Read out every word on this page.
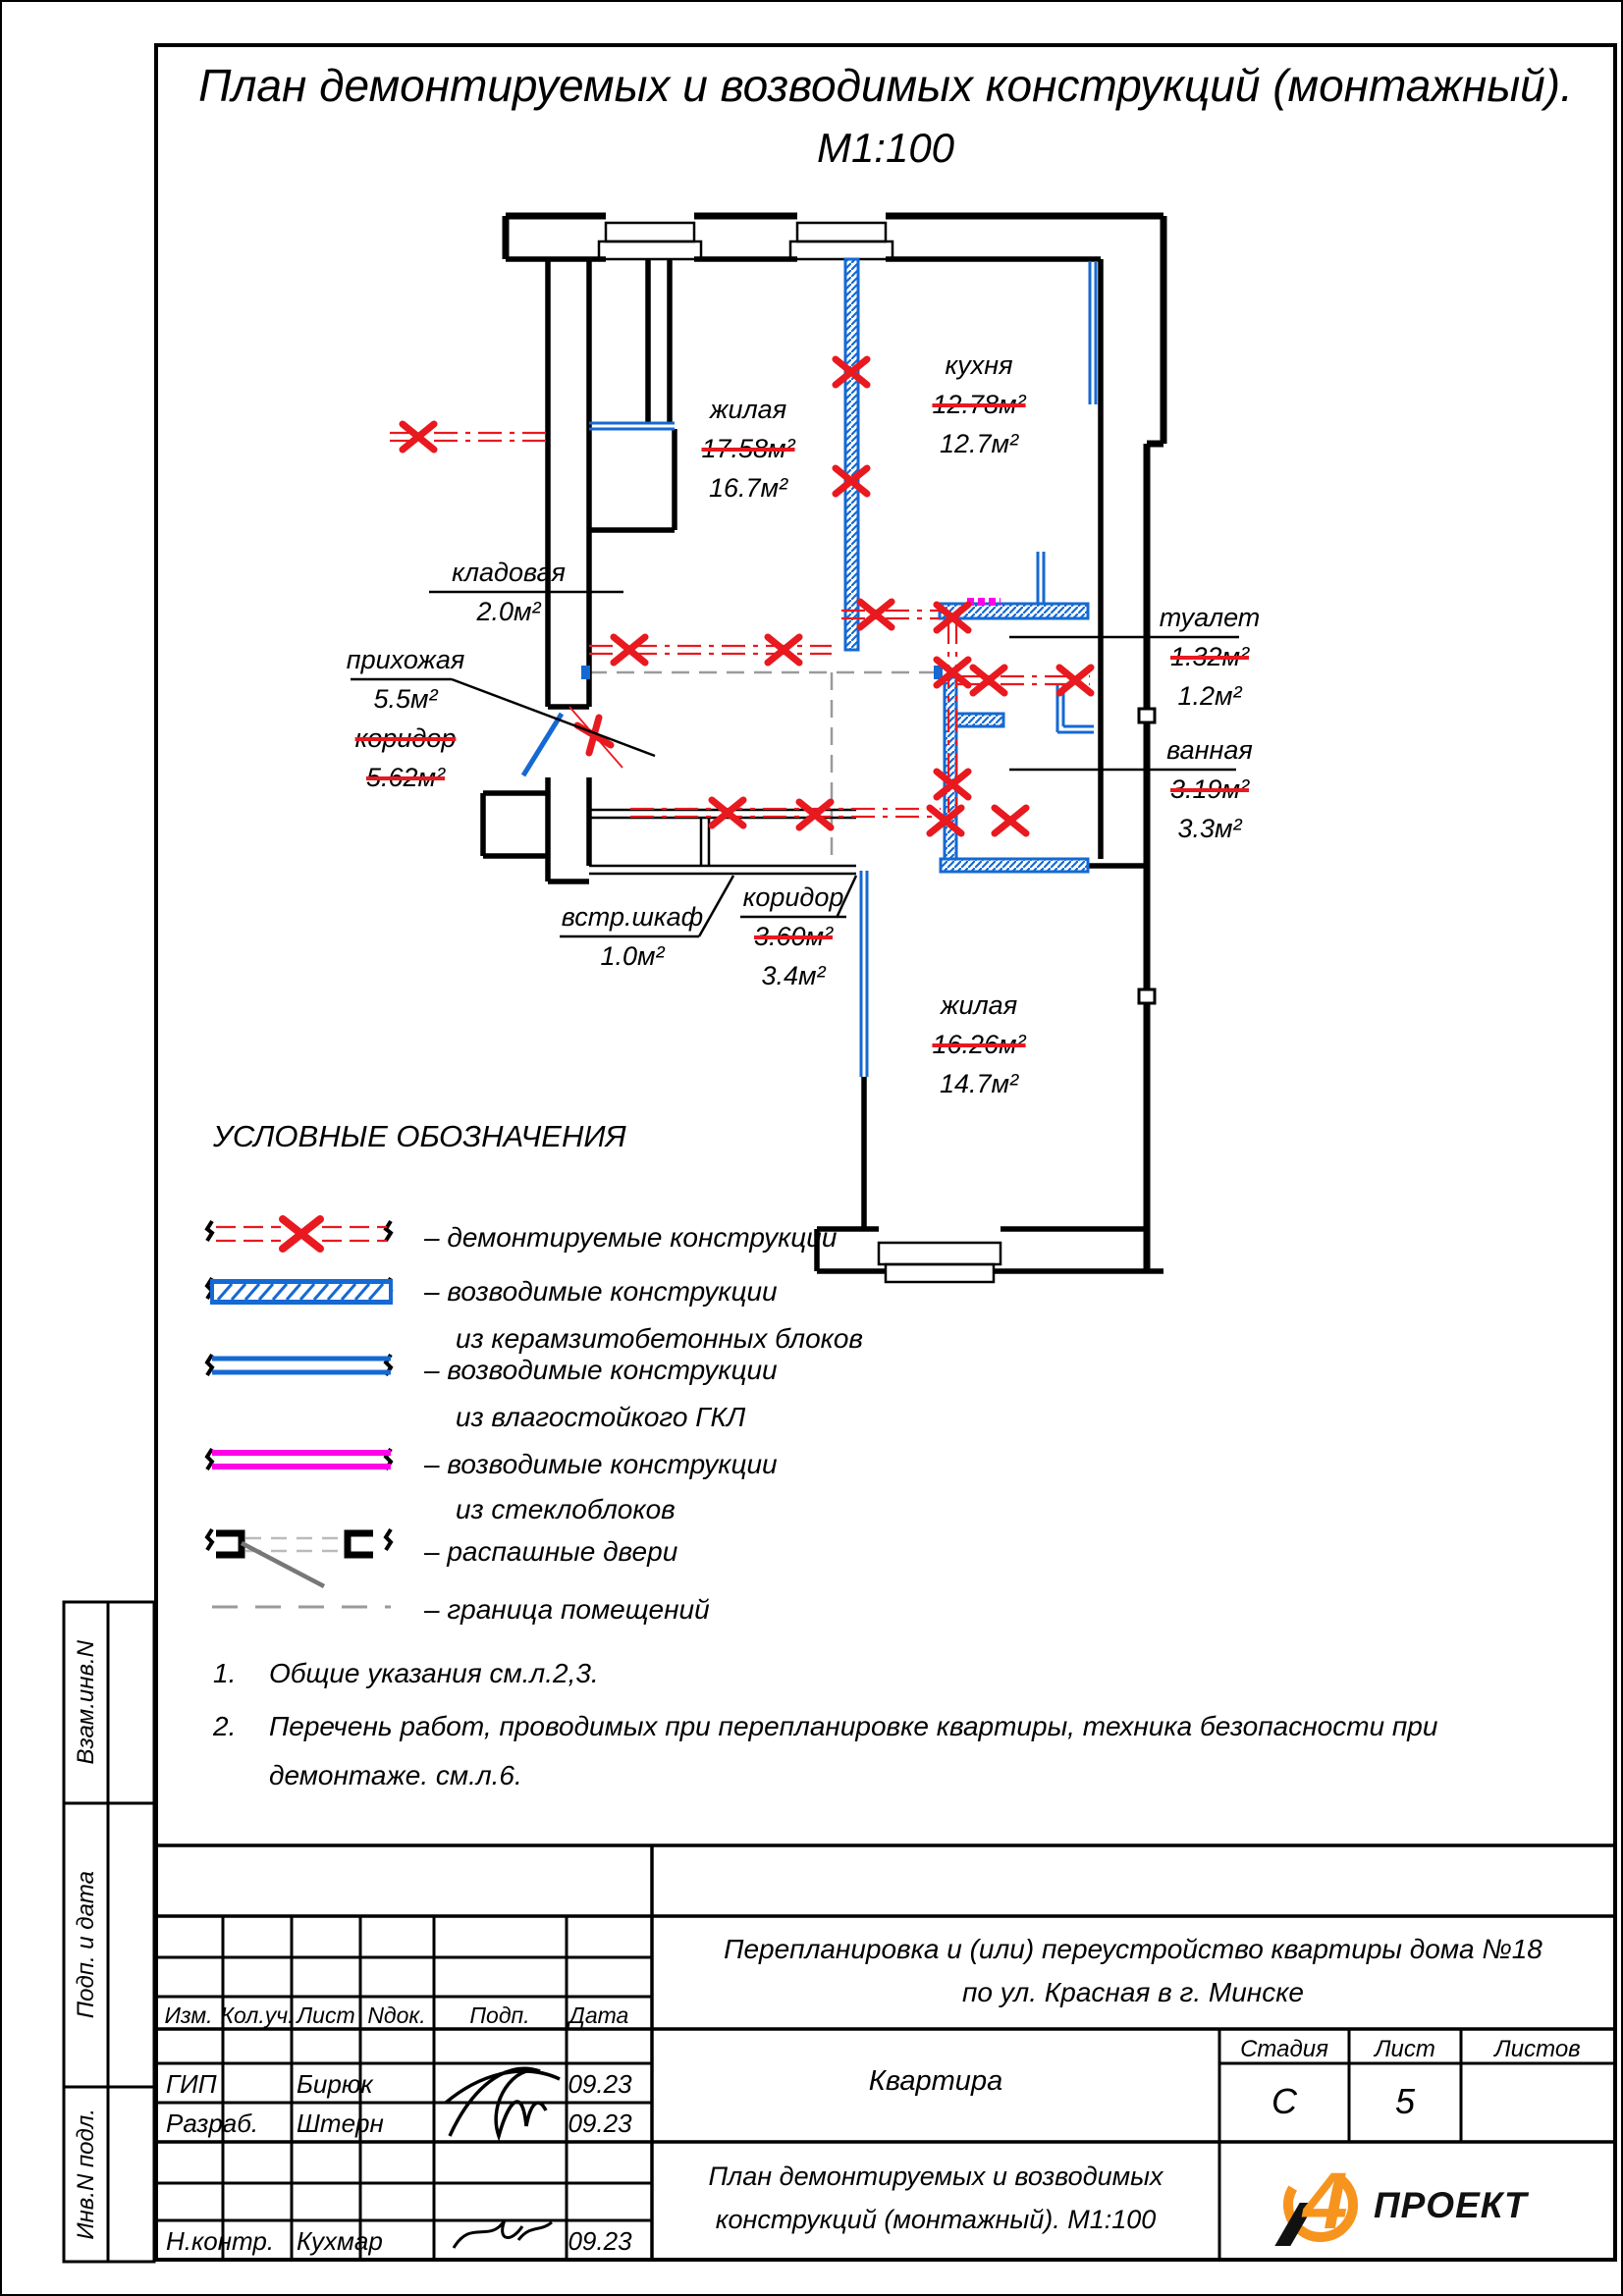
План демонтируемых и возводимых конструкций (монтажный).
М1:100
жилая
17.58м²
16.7м²
кухня
12.78м²
12.7м²
кладовая
2.0м²
прихожая
5.5м²
коридор
5.62м²
туалет
1.32м²
1.2м²
ванная
3.19м²
3.3м²
встр.шкаф
1.0м²
коридор
3.60м²
3.4м²
жилая
16.26м²
14.7м²
УСЛОВНЫЕ ОБОЗНАЧЕНИЯ
– демонтируемые конструкции
– возводимые конструкции
из керамзитобетонных блоков
– возводимые конструкции
из влагостойкого ГКЛ
– возводимые конструкции
из стеклоблоков
– распашные двери
– граница помещений
1. Общие указания см.л.2,3.
2. Перечень работ, проводимых при перепланировке квартиры, техника безопасности при демонтаже. см.л.6.
Взам.инв.N
Подп. и дата
Инв.N подл.
Изм. Кол.уч. Лист Nдок. Подп. Дата
ГИП	Бирюк	09.23
Разраб. Штерн	09.23
Н.контр. Кухмар	09.23
Перепланировка и (или) переустройство квартиры дома №18
по ул. Красная в г. Минске
Квартира
Стадия Лист	Листов
С	5
План демонтируемых и возводимых
конструкций (монтажный). М1:100 4 ПРОЕКТ
